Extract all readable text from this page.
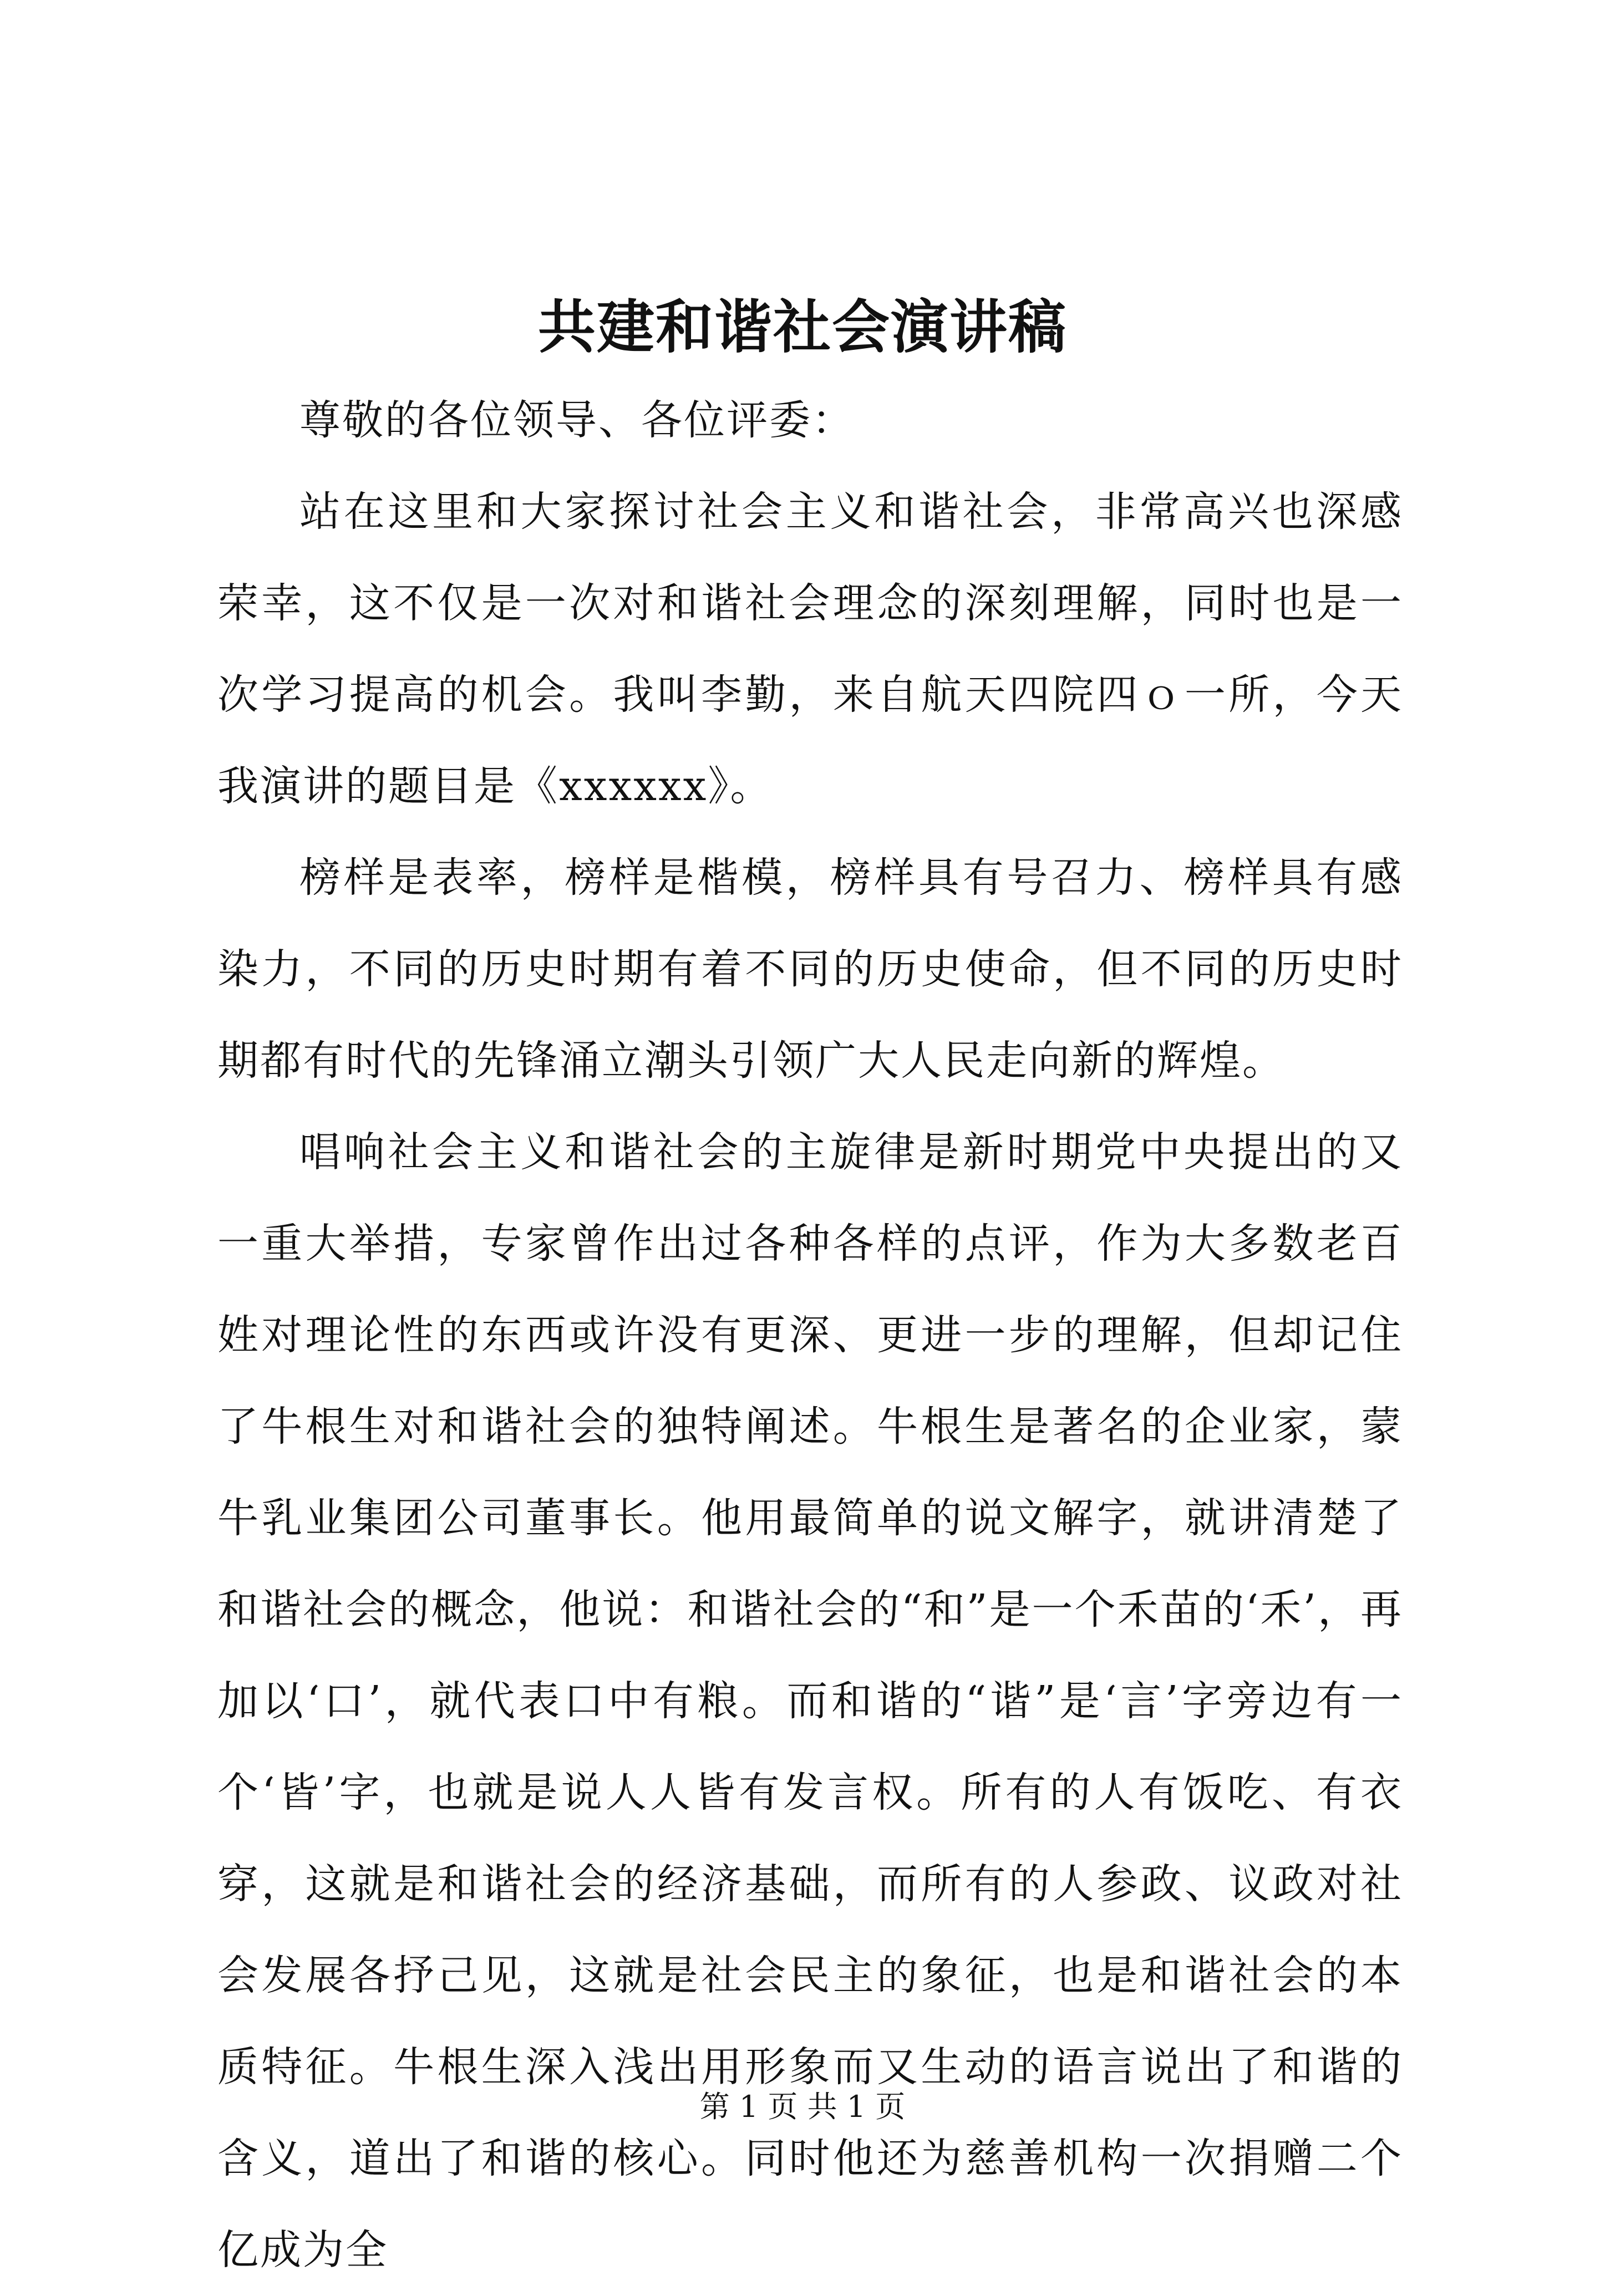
共建和谐社会演讲稿

尊敬的各位领导、各位评委：

站在这里和大家探讨社会主义和谐社会，非常高兴也深感荣幸，这不仅是一次对和谐社会理念的深刻理解，同时也是一次学习提高的机会。我叫李勤，来自航天四院四ｏ一所，今天我演讲的题目是《xxxxxx》。

榜样是表率，榜样是楷模，榜样具有号召力、榜样具有感染力，不同的历史时期有着不同的历史使命，但不同的历史时期都有时代的先锋涌立潮头引领广大人民走向新的辉煌。

唱响社会主义和谐社会的主旋律是新时期党中央提出的又一重大举措，专家曾作出过各种各样的点评，作为大多数老百姓对理论性的东西或许没有更深、更进一步的理解，但却记住了牛根生对和谐社会的独特阐述。牛根生是著名的企业家，蒙牛乳业集团公司董事长。他用最简单的说文解字，就讲清楚了和谐社会的概念，他说：和谐社会的“和”是一个禾苗的‘禾’，再加以‘口’，就代表口中有粮。而和谐的“谐”是‘言’字旁边有一个‘皆’字，也就是说人人皆有发言权。所有的人有饭吃、有衣穿，这就是和谐社会的经济基础，而所有的人参政、议政对社会发展各抒己见，这就是社会民主的象征，也是和谐社会的本质特征。牛根生深入浅出用形象而又生动的语言说出了和谐的含义，道出了和谐的核心。同时他还为慈善机构一次捐赠二个亿成为全

第 1 页 共 1 页
